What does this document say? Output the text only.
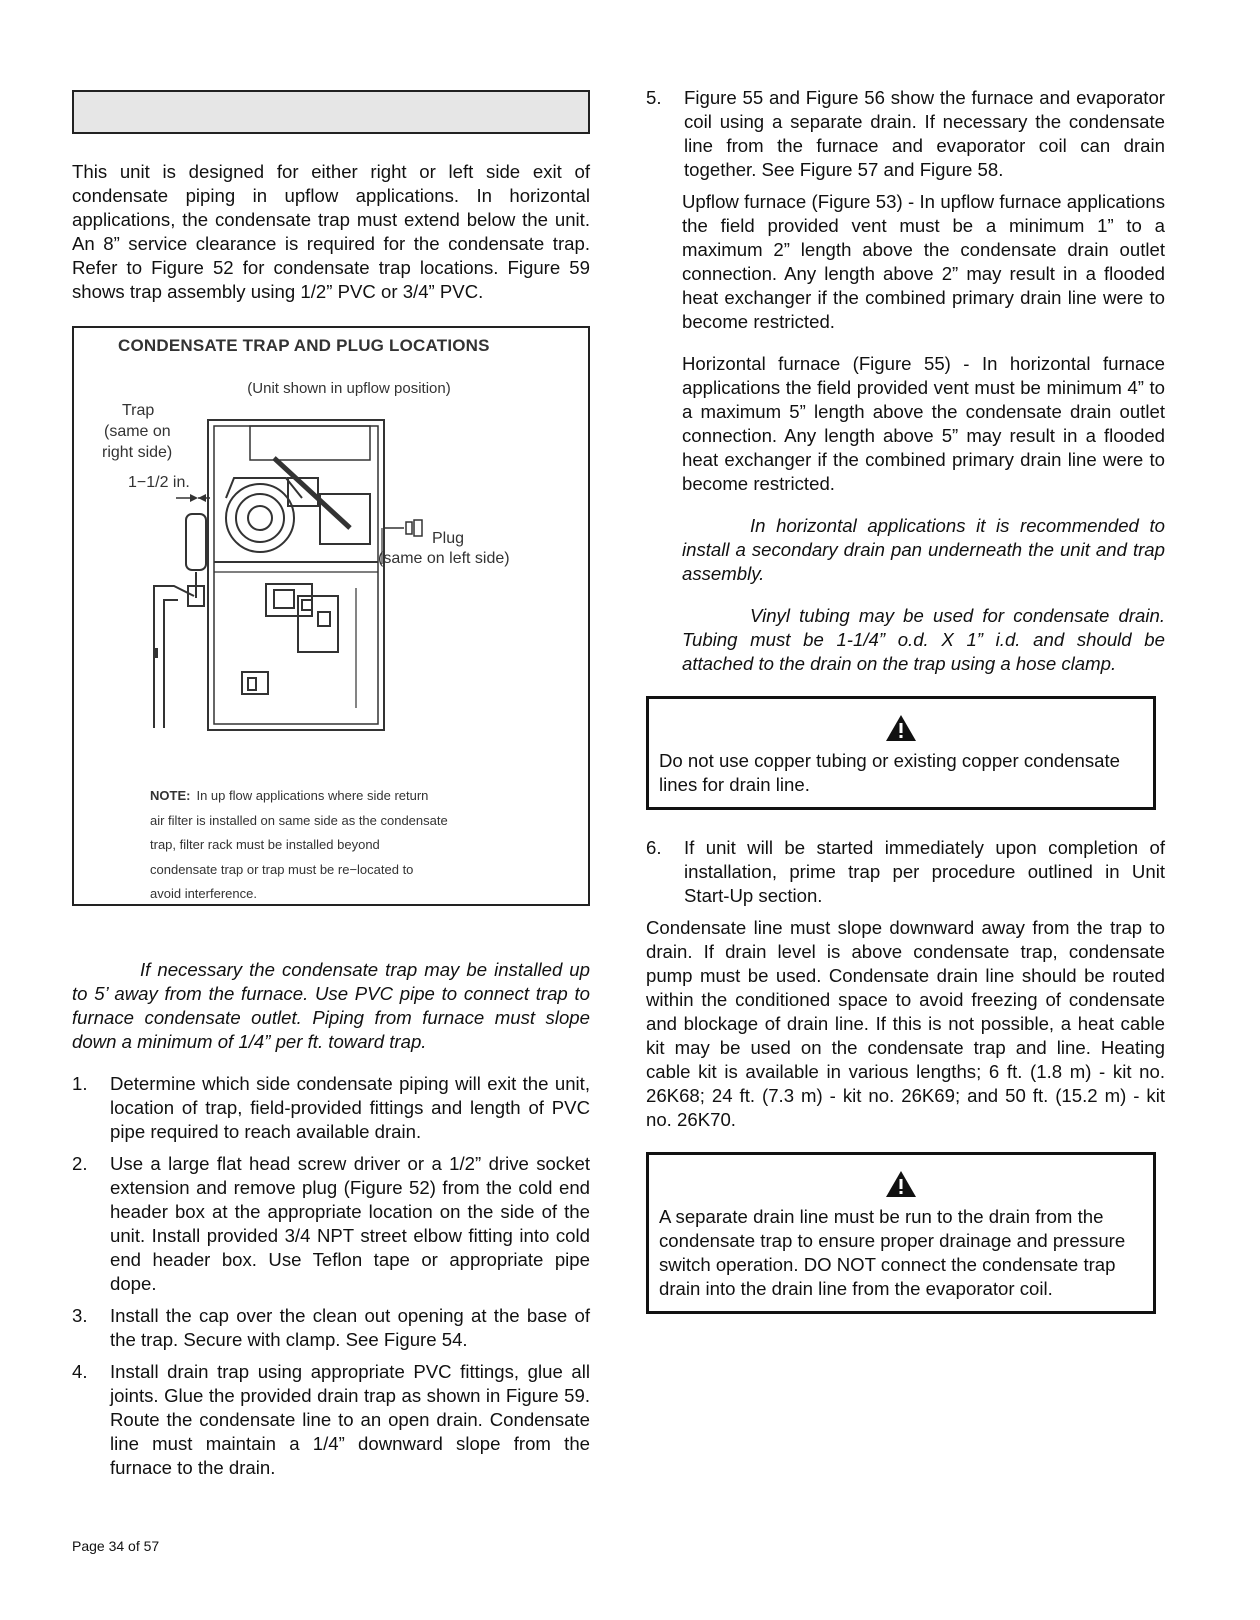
This unit is designed for either right or left side exit of condensate piping in upflow applications. In horizontal applications, the condensate trap must extend below the unit. An 8” service clearance is required for the condensate trap. Refer to Figure 52 for condensate trap locations. Figure 59 shows trap assembly using 1/2” PVC or 3/4” PVC.

CONDENSATE TRAP AND PLUG LOCATIONS
(Unit shown in upflow position)
Trap
(same on
right side)
1−1/2 in.
Plug
(same on left side)
NOTE: In up flow applications where side return
air filter is installed on same side as the condensate
trap, filter rack must be installed beyond
condensate trap or trap must be re−located to
avoid interference.

If necessary the condensate trap may be installed up to 5’ away from the furnace. Use PVC pipe to connect trap to furnace condensate outlet. Piping from furnace must slope down a minimum of 1/4” per ft. toward trap.

1. Determine which side condensate piping will exit the unit, location of trap, field-provided fittings and length of PVC pipe required to reach available drain.

2. Use a large flat head screw driver or a 1/2” drive socket extension and remove plug (Figure 52) from the cold end header box at the appropriate location on the side of the unit. Install provided 3/4 NPT street elbow fitting into cold end header box. Use Teflon tape or appropriate pipe dope.

3. Install the cap over the clean out opening at the base of the trap. Secure with clamp. See Figure 54.

4. Install drain trap using appropriate PVC fittings, glue all joints. Glue the provided drain trap as shown in Figure 59. Route the condensate line to an open drain. Condensate line must maintain a 1/4” downward slope from the furnace to the drain.

5. Figure 55 and Figure 56 show the furnace and evaporator coil using a separate drain. If necessary the condensate line from the furnace and evaporator coil can drain together. See Figure 57 and Figure 58.

Upflow furnace (Figure 53) - In upflow furnace applications the field provided vent must be a minimum 1” to a maximum 2” length above the condensate drain outlet connection. Any length above 2” may result in a flooded heat exchanger if the combined primary drain line were to become restricted.

Horizontal furnace (Figure 55) - In horizontal furnace applications the field provided vent must be minimum 4” to a maximum 5” length above the condensate drain outlet connection. Any length above 5” may result in a flooded heat exchanger if the combined primary drain line were to become restricted.

In horizontal applications it is recommended to install a secondary drain pan underneath the unit and trap assembly.

Vinyl tubing may be used for condensate drain. Tubing must be 1-1/4” o.d. X 1” i.d. and should be attached to the drain on the trap using a hose clamp.

Do not use copper tubing or existing copper condensate lines for drain line.

6. If unit will be started immediately upon completion of installation, prime trap per procedure outlined in Unit Start-Up section.

Condensate line must slope downward away from the trap to drain. If drain level is above condensate trap, condensate pump must be used. Condensate drain line should be routed within the conditioned space to avoid freezing of condensate and blockage of drain line. If this is not possible, a heat cable kit may be used on the condensate trap and line. Heating cable kit is available in various lengths; 6 ft. (1.8 m) - kit no. 26K68; 24 ft. (7.3 m) - kit no. 26K69; and 50 ft. (15.2 m) - kit no. 26K70.

A separate drain line must be run to the drain from the condensate trap to ensure proper drainage and pressure switch operation. DO NOT connect the condensate trap drain into the drain line from the evaporator coil.

Page 34 of 57
